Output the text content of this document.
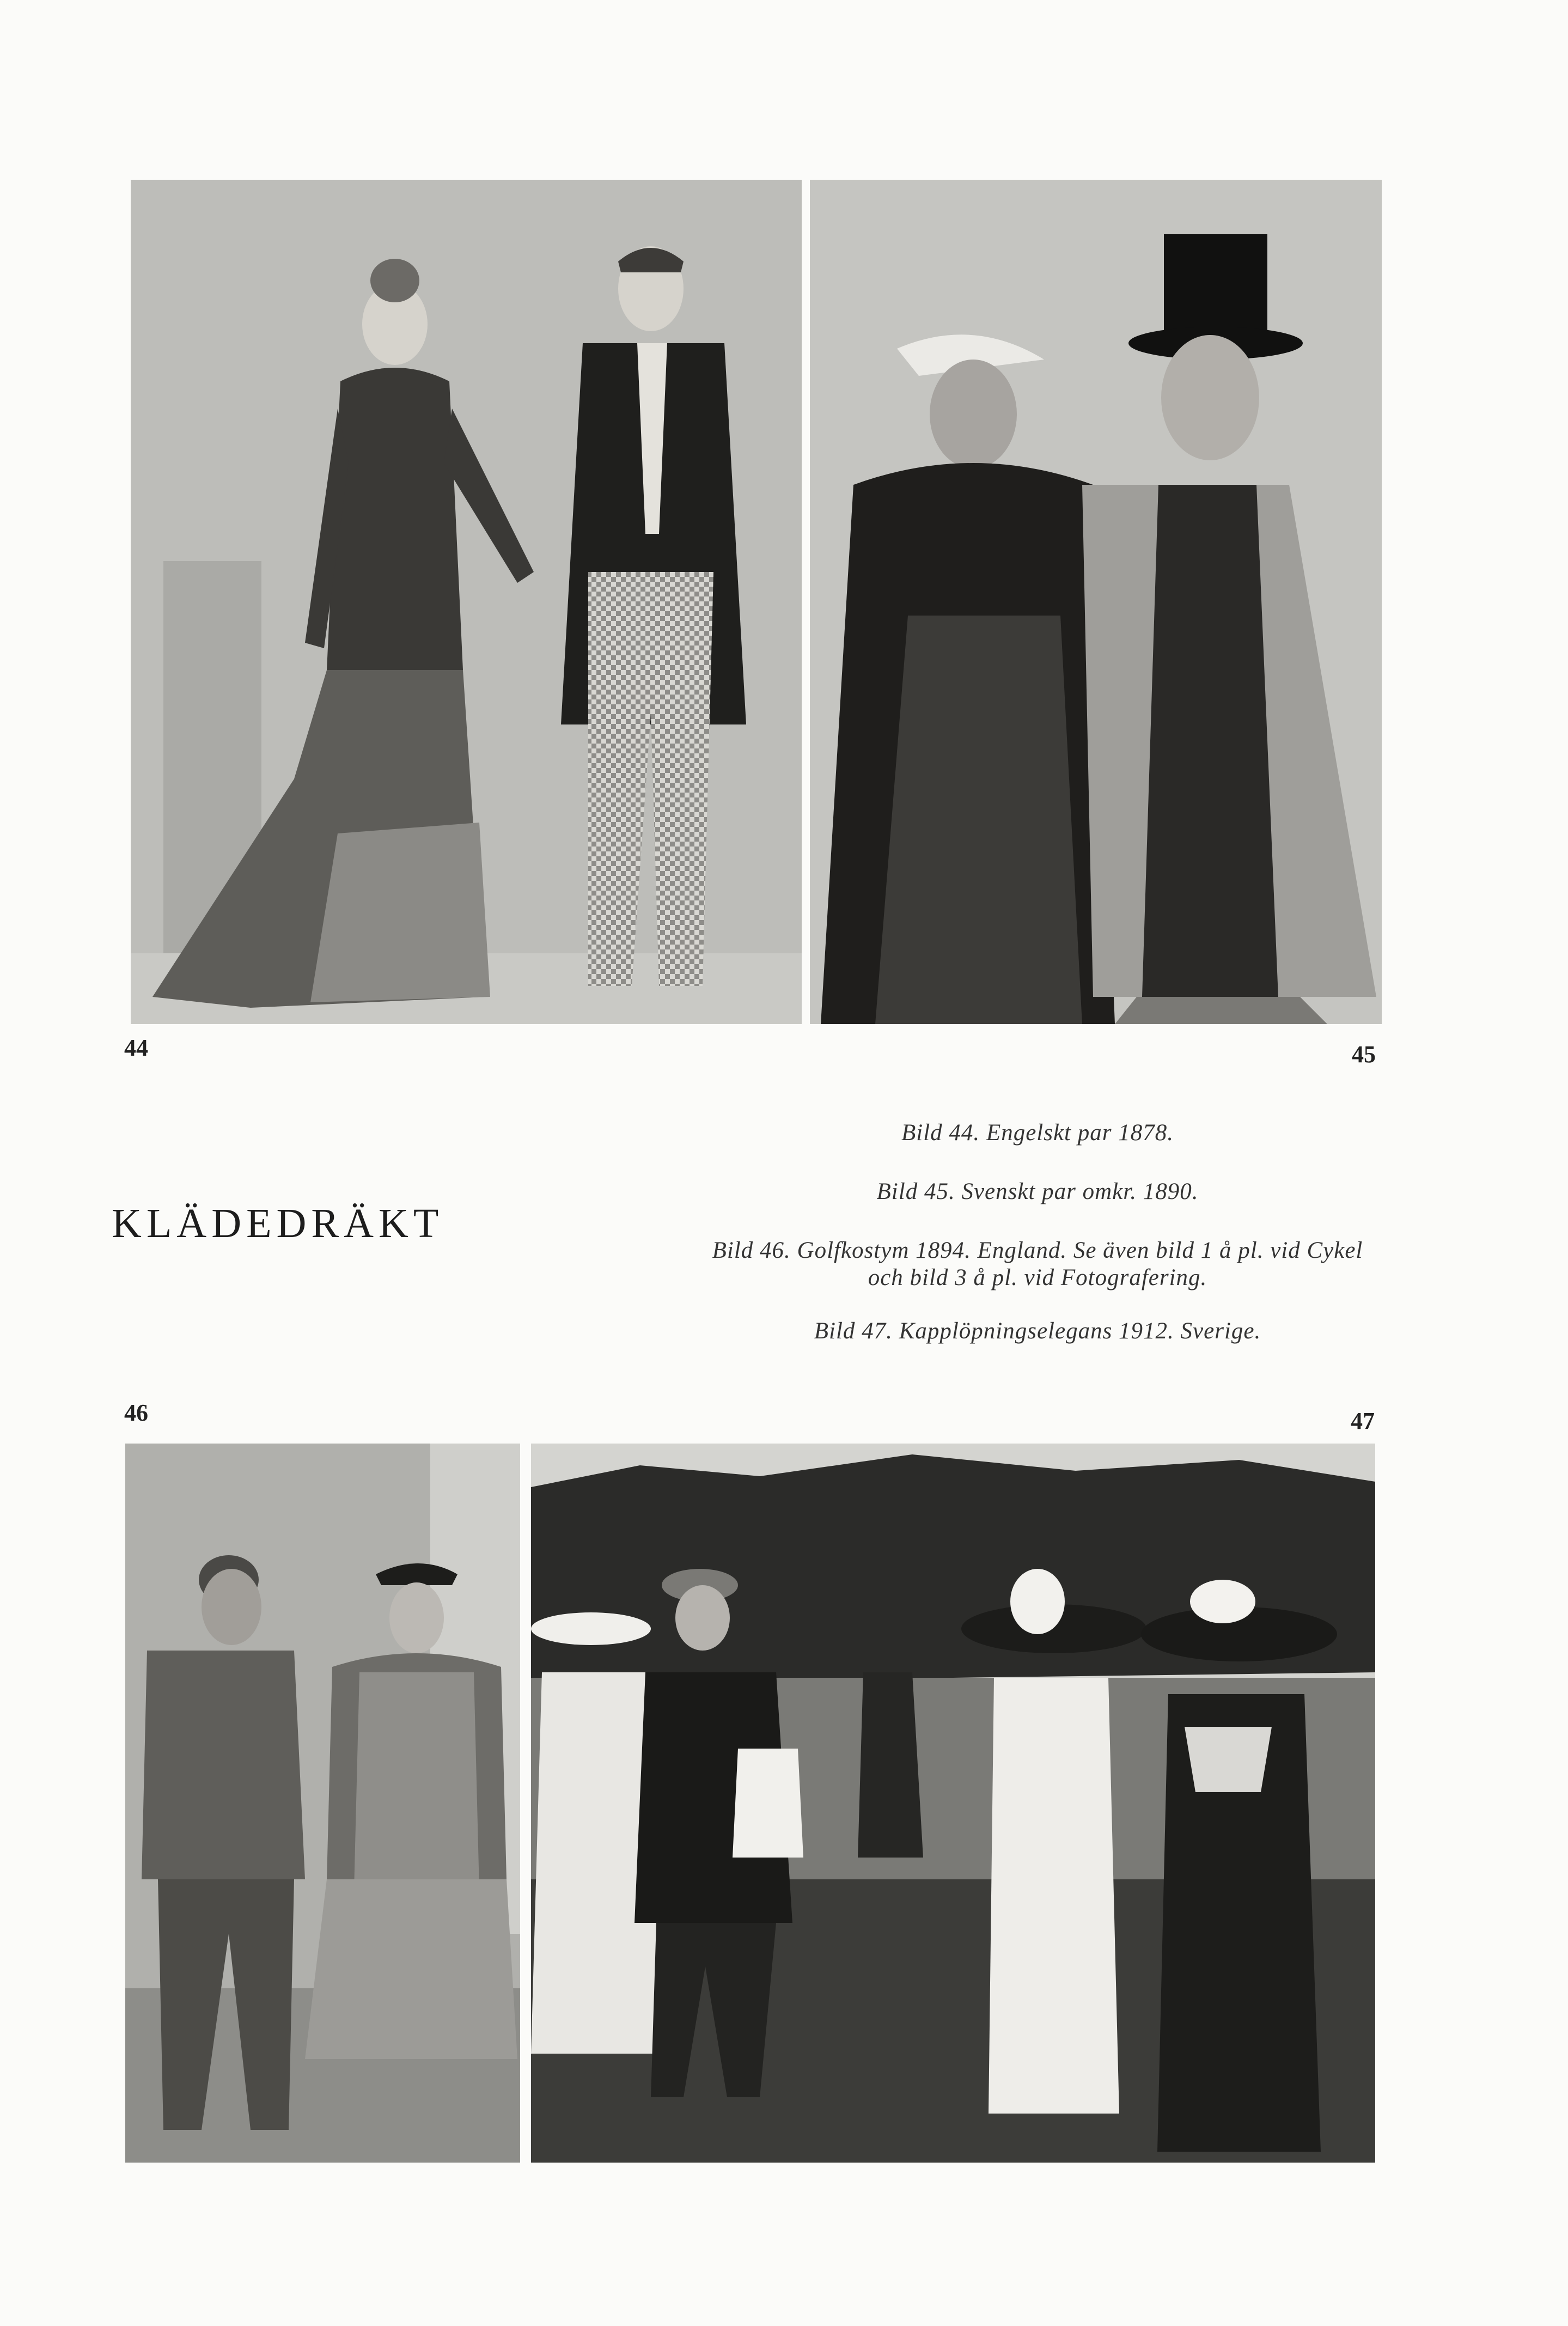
44	45
KLÄDEDRÄKT

Bild 44. Engelskt par 1878.

Bild 45. Svenskt par omkr. 1890.

Bild 46. Golfkostym 1894. England. Se även bild 1 å pl. vid Cykel
och bild 3 å pl. vid Fotografering.

Bild 47. Kapplöpningselegans 1912. Sverige.

46	47
